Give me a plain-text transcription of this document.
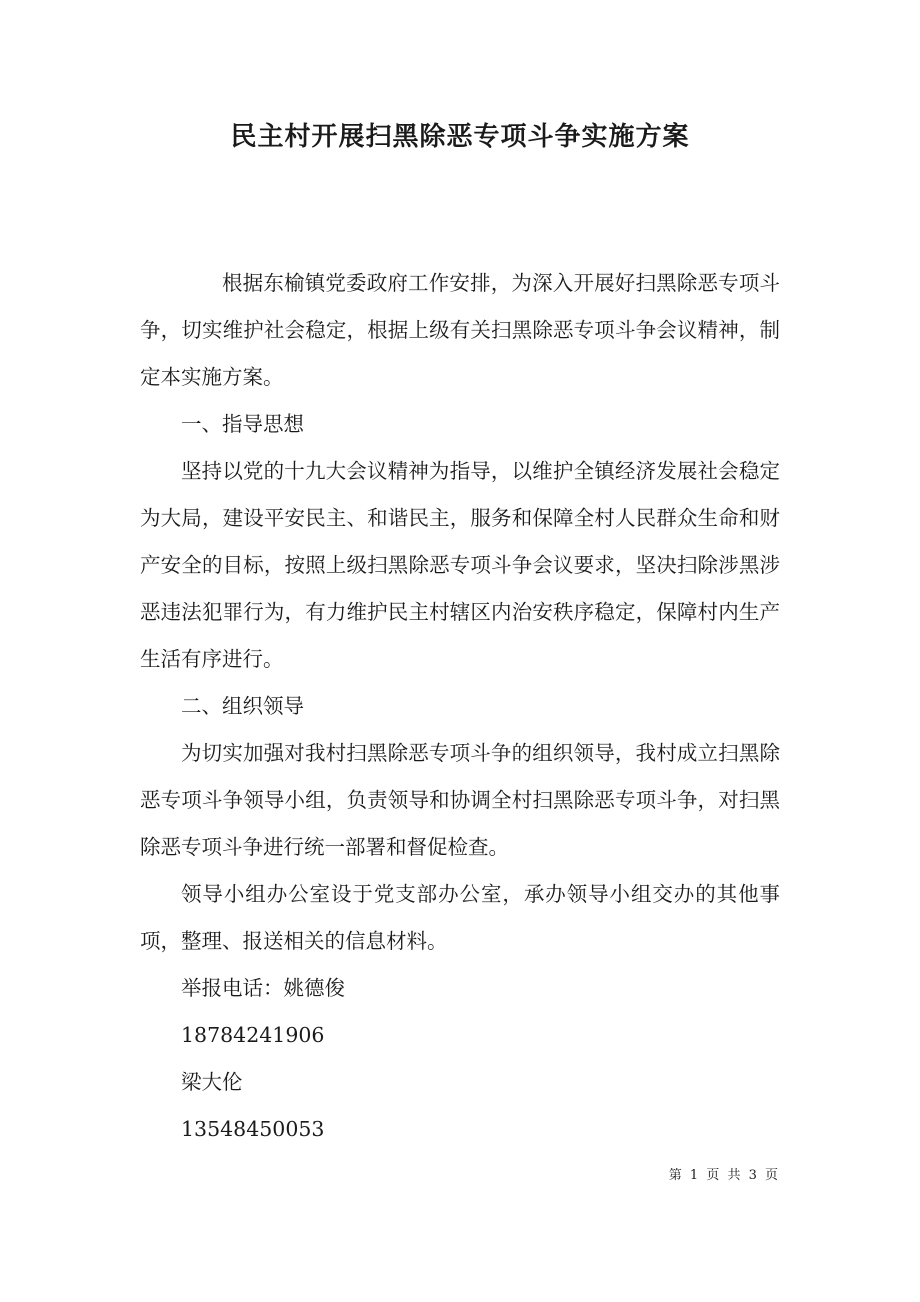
民主村开展扫黑除恶专项斗争实施方案

根据东榆镇党委政府工作安排，为深入开展好扫黑除恶专项斗争，切实维护社会稳定，根据上级有关扫黑除恶专项斗争会议精神，制定本实施方案。

一、指导思想

坚持以党的十九大会议精神为指导，以维护全镇经济发展社会稳定为大局，建设平安民主、和谐民主，服务和保障全村人民群众生命和财产安全的目标，按照上级扫黑除恶专项斗争会议要求，坚决扫除涉黑涉恶违法犯罪行为，有力维护民主村辖区内治安秩序稳定，保障村内生产生活有序进行。

二、组织领导

为切实加强对我村扫黑除恶专项斗争的组织领导，我村成立扫黑除恶专项斗争领导小组，负责领导和协调全村扫黑除恶专项斗争，对扫黑除恶专项斗争进行统一部署和督促检查。

领导小组办公室设于党支部办公室，承办领导小组交办的其他事项，整理、报送相关的信息材料。

举报电话：姚德俊

18784241906

梁大伦

13548450053

第 1 页 共 3 页
